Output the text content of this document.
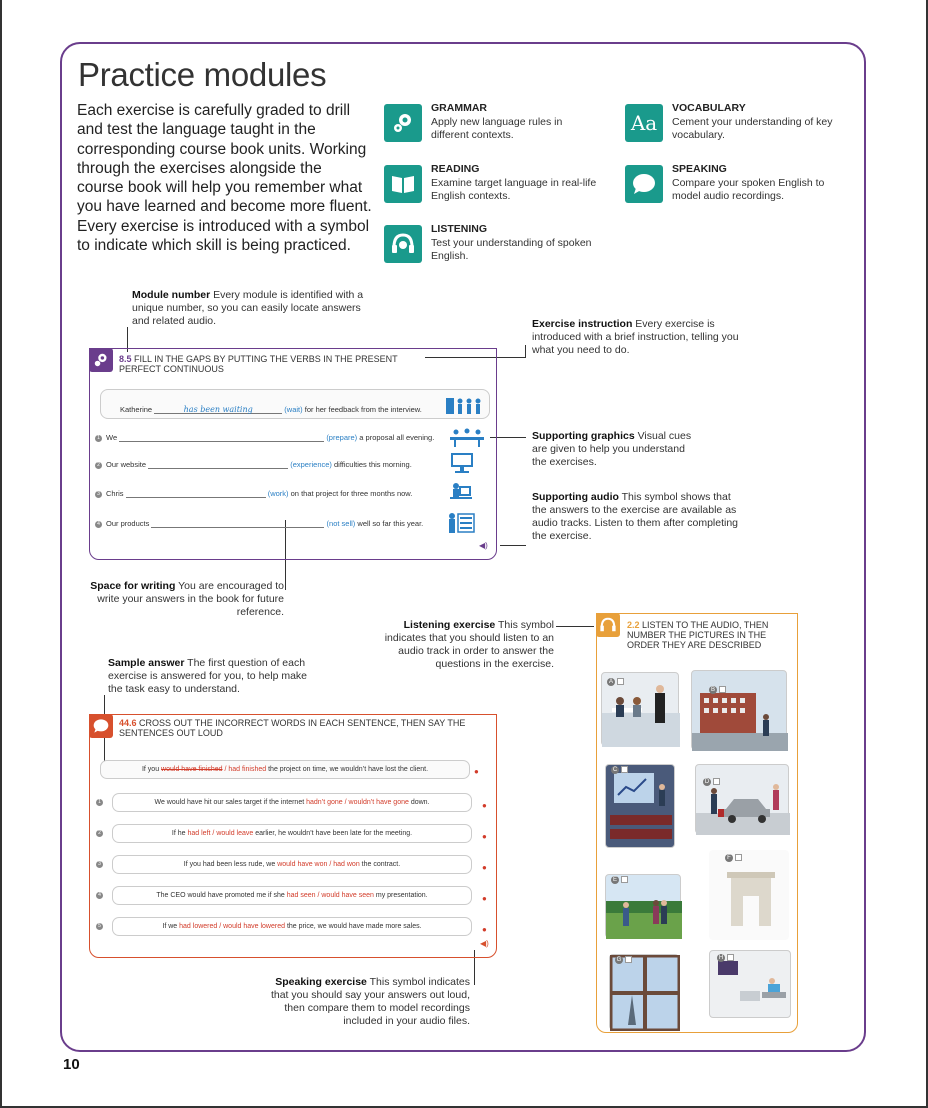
Practice modules

Each exercise is carefully graded to drill and test the language taught in the corresponding course book units. Working through the exercises alongside the course book will help you remember what you have learned and become more fluent. Every exercise is introduced with a symbol to indicate which skill is being practiced.

GRAMMAR
Apply new language rules in different contexts.	Aa
VOCABULARY
Cement your understanding of key vocabulary.
READING
Examine target language in real-life English contexts.
SPEAKING
Compare your spoken English to model audio recordings.
LISTENING
Test your understanding of spoken English.
Module number Every module is identified with a unique number, so you can easily locate answers and related audio.	Exercise instruction Every exercise is introduced with a brief instruction, telling you what you need to do.
Supporting graphics Visual cues are given to help you understand the exercises.
Supporting audio This symbol shows that the answers to the exercise are available as audio tracks. Listen to them after completing the exercise.
Space for writing You are encouraged to write your answers in the book for future reference.
Listening exercise This symbol indicates that you should listen to an audio track in order to answer the questions in the exercise.
Sample answer The first question of each exercise is answered for you, to help make the task easy to understand.
Speaking exercise This symbol indicates that you should say your answers out loud, then compare them to model recordings included in your audio files.
8.5 FILL IN THE GAPS BY PUTTING THE VERBS IN THE PRESENT PERFECT CONTINUOUS
Katherine	has been waiting	(wait) for her feedback from the interview.
1 We	(prepare) a proposal all evening.
2 Our website	(experience) difficulties this morning.
3 Chris	(work) on that project for three months now.
4 Our products	(not sell) well so far this year.
◀)
2.2 LISTEN TO THE AUDIO, THEN NUMBER THE PICTURES IN THE ORDER THEY ARE DESCRIBED
A
B
C
D
E
F
G	H
44.6 CROSS OUT THE INCORRECT WORDS IN EACH SENTENCE, THEN SAY THE SENTENCES OUT LOUD
If you would have finished / had finished the project on time, we wouldn’t have lost the client.	●
1	We would have hit our sales target if the internet hadn’t gone / wouldn’t have gone down.	●
2	If he had left / would leave earlier, he wouldn’t have been late for the meeting.	●
3	If you had been less rude, we would have won / had won the contract.	●
4	The CEO would have promoted me if she had seen / would have seen my presentation.	●
5	If we had lowered / would have lowered the price, we would have made more sales.	●
◀)
10
